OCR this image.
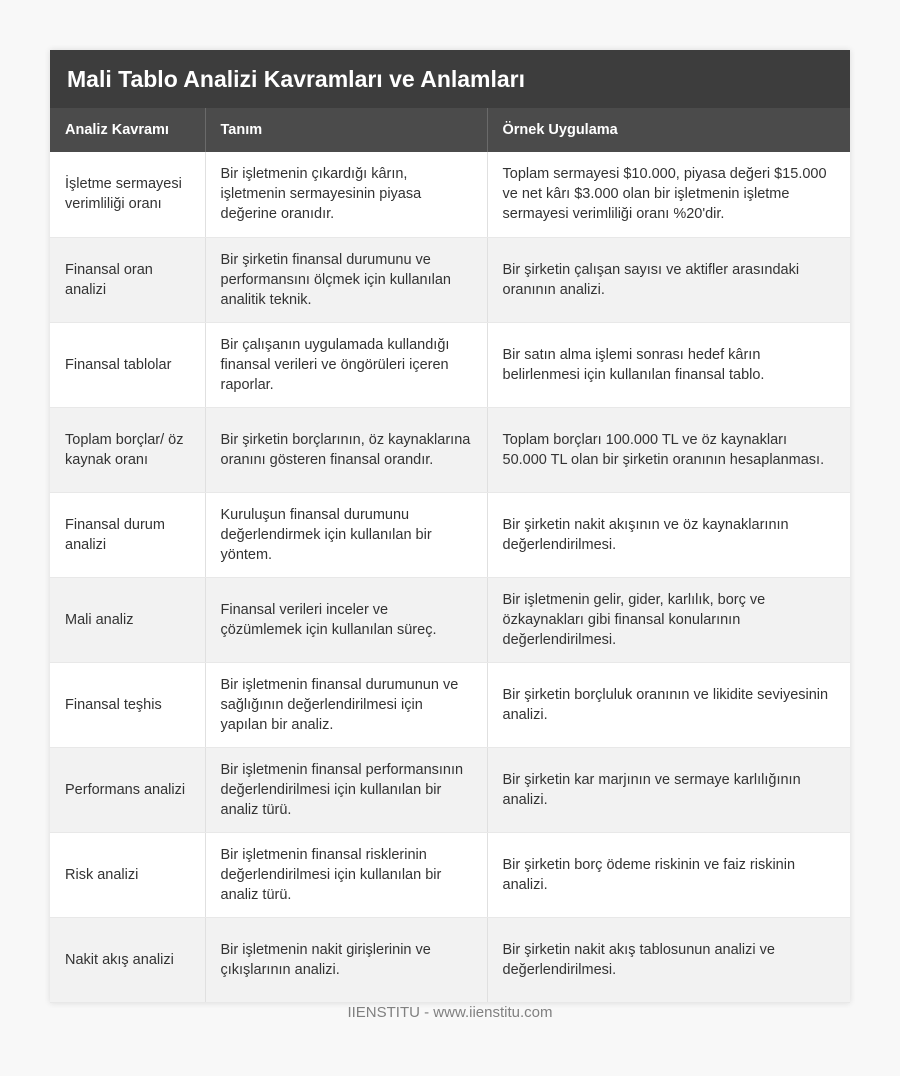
Mali Tablo Analizi Kavramları ve Anlamları
Analiz Kavramı	Tanım	Örnek Uygulama
İşletme sermayesi verimliliği oranı	Bir işletmenin çıkardığı kârın, işletmenin sermayesinin piyasa değerine oranıdır.	Toplam sermayesi $10.000, piyasa değeri $15.000 ve net kârı $3.000 olan bir işletmenin işletme sermayesi verimliliği oranı %20'dir.
Finansal oran analizi	Bir şirketin finansal durumunu ve performansını ölçmek için kullanılan analitik teknik.	Bir şirketin çalışan sayısı ve aktifler arasındaki oranının analizi.
Finansal tablolar	Bir çalışanın uygulamada kullandığı finansal verileri ve öngörüleri içeren raporlar.	Bir satın alma işlemi sonrası hedef kârın belirlenmesi için kullanılan finansal tablo.
Toplam borçlar/ öz kaynak oranı	Bir şirketin borçlarının, öz kaynaklarına oranını gösteren finansal orandır.	Toplam borçları 100.000 TL ve öz kaynakları 50.000 TL olan bir şirketin oranının hesaplanması.
Finansal durum analizi	Kuruluşun finansal durumunu değerlendirmek için kullanılan bir yöntem.	Bir şirketin nakit akışının ve öz kaynaklarının değerlendirilmesi.
Mali analiz	Finansal verileri inceler ve çözümlemek için kullanılan süreç.	Bir işletmenin gelir, gider, karlılık, borç ve özkaynakları gibi finansal konularının değerlendirilmesi.
Finansal teşhis	Bir işletmenin finansal durumunun ve sağlığının değerlendirilmesi için yapılan bir analiz.	Bir şirketin borçluluk oranının ve likidite seviyesinin analizi.
Performans analizi	Bir işletmenin finansal performansının değerlendirilmesi için kullanılan bir analiz türü.	Bir şirketin kar marjının ve sermaye karlılığının analizi.
Risk analizi	Bir işletmenin finansal risklerinin değerlendirilmesi için kullanılan bir analiz türü.	Bir şirketin borç ödeme riskinin ve faiz riskinin analizi.
Nakit akış analizi	Bir işletmenin nakit girişlerinin ve çıkışlarının analizi.	Bir şirketin nakit akış tablosunun analizi ve değerlendirilmesi.
IIENSTITU - www.iienstitu.com
